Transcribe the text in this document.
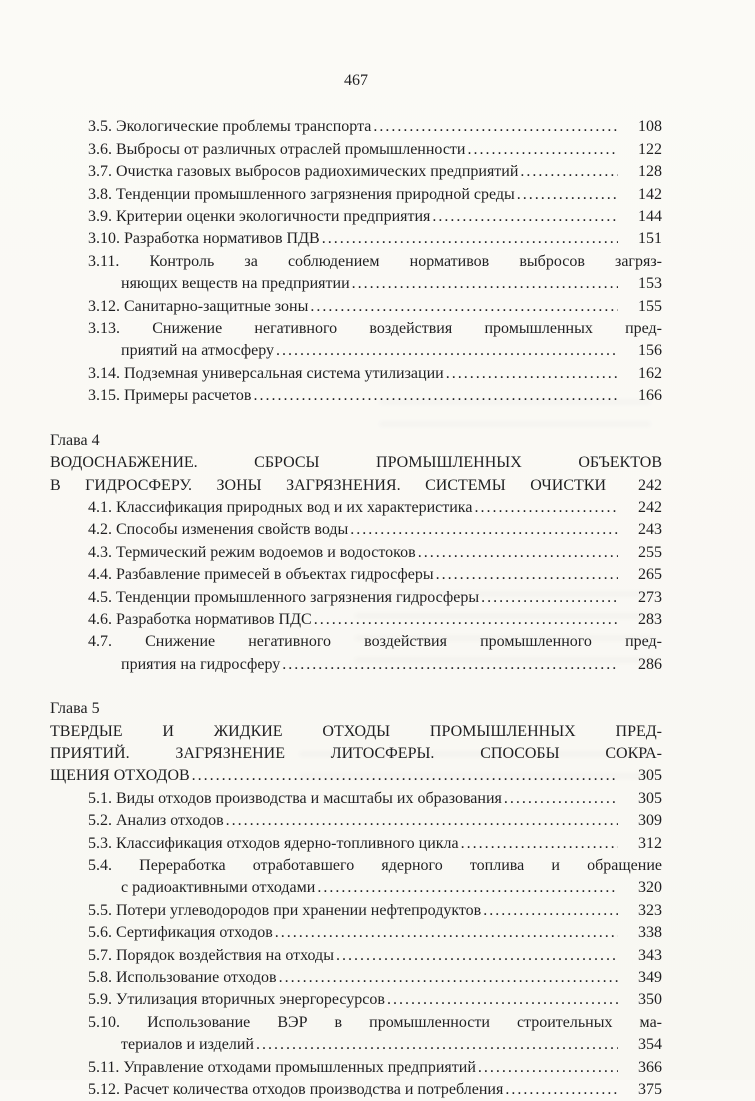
467
3.5. Экологические проблемы транспорта .....	108
3.6. Выбросы от различных отраслей промышленности .....	122
3.7. Очистка газовых выбросов радиохимических предприятий .....	128
3.8. Тенденции промышленного загрязнения природной среды .....	142
3.9. Критерии оценки экологичности предприятия .....	144
3.10. Разработка нормативов ПДВ .....	151
3.11. Контроль за соблюдением нормативов выбросов загряз-
няющих веществ на предприятии .....	153
3.12. Санитарно-защитные зоны .....	155
3.13. Снижение негативного воздействия промышленных пред-
приятий на атмосферу .....	156
3.14. Подземная универсальная система утилизации .....	162
3.15. Примеры расчетов .....	166
Глава 4
ВОДОСНАБЖЕНИЕ. СБРОСЫ ПРОМЫШЛЕННЫХ ОБЪЕКТОВ
В ГИДРОСФЕРУ. ЗОНЫ ЗАГРЯЗНЕНИЯ. СИСТЕМЫ ОЧИСТКИ	242
4.1. Классификация природных вод и их характеристика .....	242
4.2. Способы изменения свойств воды .....	243
4.3. Термический режим водоемов и водостоков .....	255
4.4. Разбавление примесей в объектах гидросферы .....	265
4.5. Тенденции промышленного загрязнения гидросферы .....	273
4.6. Разработка нормативов ПДС .....	283
4.7. Снижение негативного воздействия промышленного пред-
приятия на гидросферу .....	286
Глава 5
ТВЕРДЫЕ И ЖИДКИЕ ОТХОДЫ ПРОМЫШЛЕННЫХ ПРЕД-
ПРИЯТИЙ. ЗАГРЯЗНЕНИЕ ЛИТОСФЕРЫ. СПОСОБЫ СОКРА-
ЩЕНИЯ ОТХОДОВ .....	305
5.1. Виды отходов производства и масштабы их образования .....	305
5.2. Анализ отходов .....	309
5.3. Классификация отходов ядерно-топливного цикла .....	312
5.4. Переработка отработавшего ядерного топлива и обращение
с радиоактивными отходами .....	320
5.5. Потери углеводородов при хранении нефтепродуктов .....	323
5.6. Сертификация отходов .....	338
5.7. Порядок воздействия на отходы .....	343
5.8. Использование отходов .....	349
5.9. Утилизация вторичных энергоресурсов .....	350
5.10. Использование ВЭР в промышленности строительных ма-
териалов и изделий .....	354
5.11. Управление отходами промышленных предприятий .....	366
5.12. Расчет количества отходов производства и потребления .....	375
